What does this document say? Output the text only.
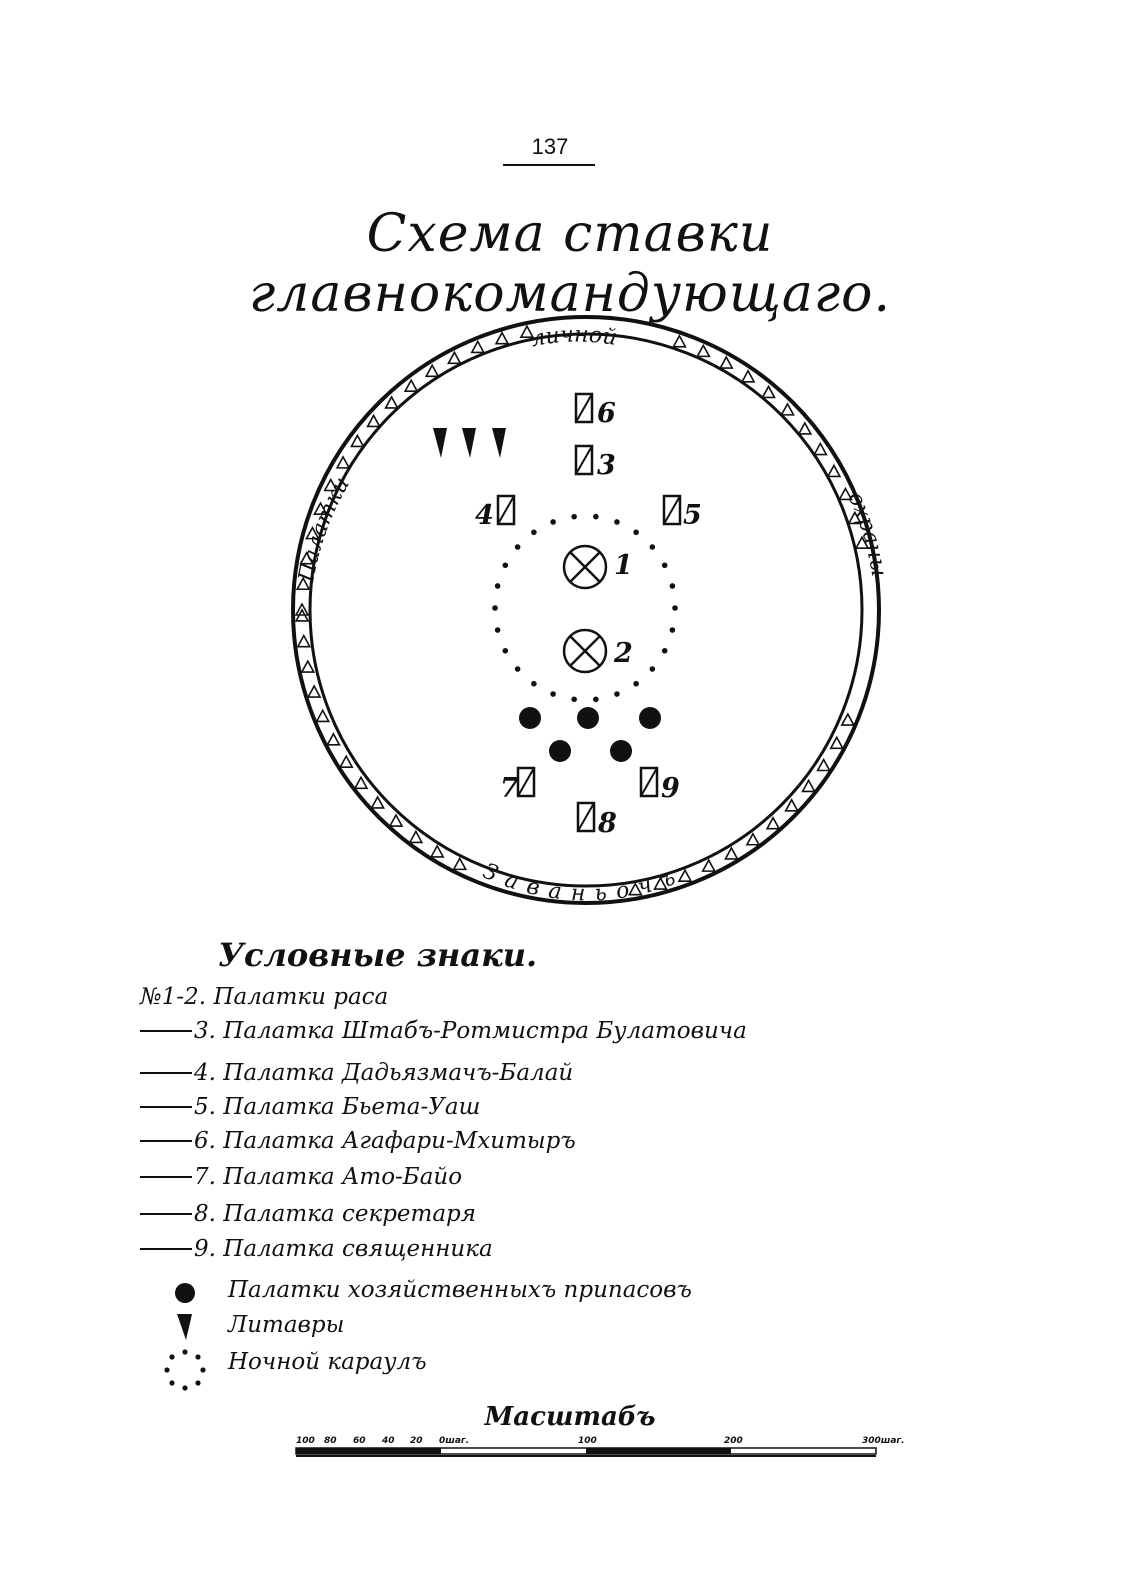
137
Схема ставки главнокомандующаго.
личной
Палатки
охраны
Заваньочъ
6
3
4	5
7	9
8
1
2
100 80 60 40 20 0шаг.	100	200	300шаг.
Условные знаки.
№1-2.
Палатки раса
3.
Палатка Штабъ-Ротмистра Булатовича
4.
Палатка Дадьязмачъ-Балай
5.
Палатка Бьета-Уаш
6.
Палатка Агафари-Мхитыръ
7.
Палатка Ато-Байо
8.
Палатка секретаря
9.
Палатка священника
Палатки хозяйственныхъ припасовъ
Литавры
Ночной караулъ
Масштабъ
